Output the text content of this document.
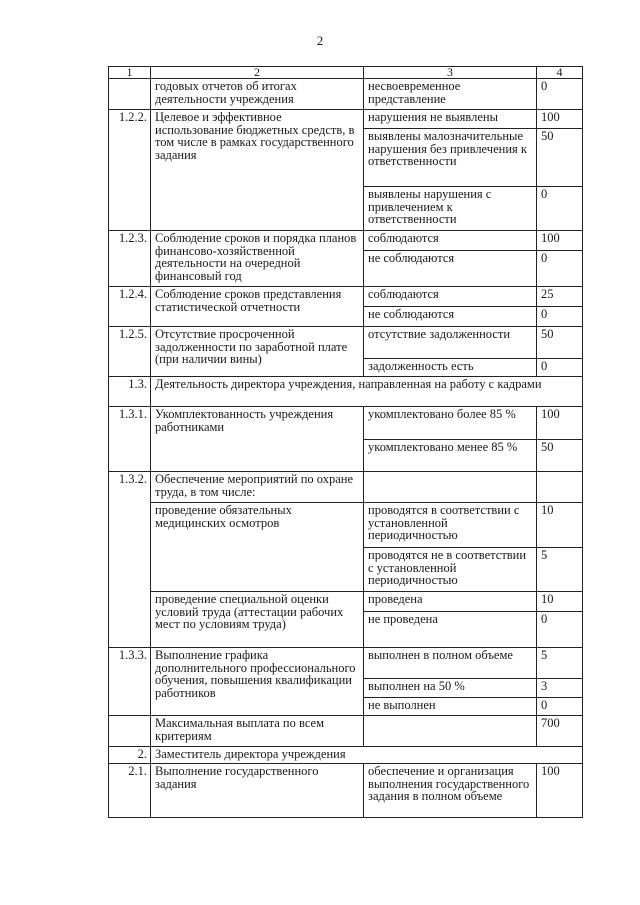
2
1	2	3	4
	годовых отчетов об итогах деятельности учреждения	несвоевременное представление	0
1.2.2.	Целевое и эффективное использование бюджетных средств, в том числе в рамках государственного задания	нарушения не выявлены	100
		выявлены малозначительные нарушения без привлечения к ответственности	50
		выявлены нарушения с привлечением к ответственности	0
1.2.3.	Соблюдение сроков и порядка планов финансово-хозяйственной деятельности на очередной финансовый год	соблюдаются	100
		не соблюдаются	0
1.2.4.	Соблюдение сроков представления статистической отчетности	соблюдаются	25
		не соблюдаются	0
1.2.5.	Отсутствие просроченной задолженности по заработной плате (при наличии вины)	отсутствие задолженности	50
		задолженность есть	0
1.3.	Деятельность директора учреждения, направленная на работу с кадрами		
1.3.1.	Укомплектованность учреждения работниками	укомплектовано более 85 %	100
		укомплектовано менее 85 %	50
1.3.2.	Обеспечение мероприятий по охране труда, в том числе:		
	проведение обязательных медицинских осмотров	проводятся в соответствии с установленной периодичностью	10
		проводятся не в соответствии с установленной периодичностью	5
	проведение специальной оценки условий труда (аттестации рабочих мест по условиям труда)	проведена	10
		не проведена	0
1.3.3.	Выполнение графика дополнительного профессионального обучения, повышения квалификации работников	выполнен в полном объеме	5
		выполнен на 50 %	3
		не выполнен	0
	Максимальная выплата по всем критериям		700
2.	Заместитель директора учреждения		
2.1.	Выполнение государственного задания	обеспечение и организация выполнения государственного задания в полном объеме	100
